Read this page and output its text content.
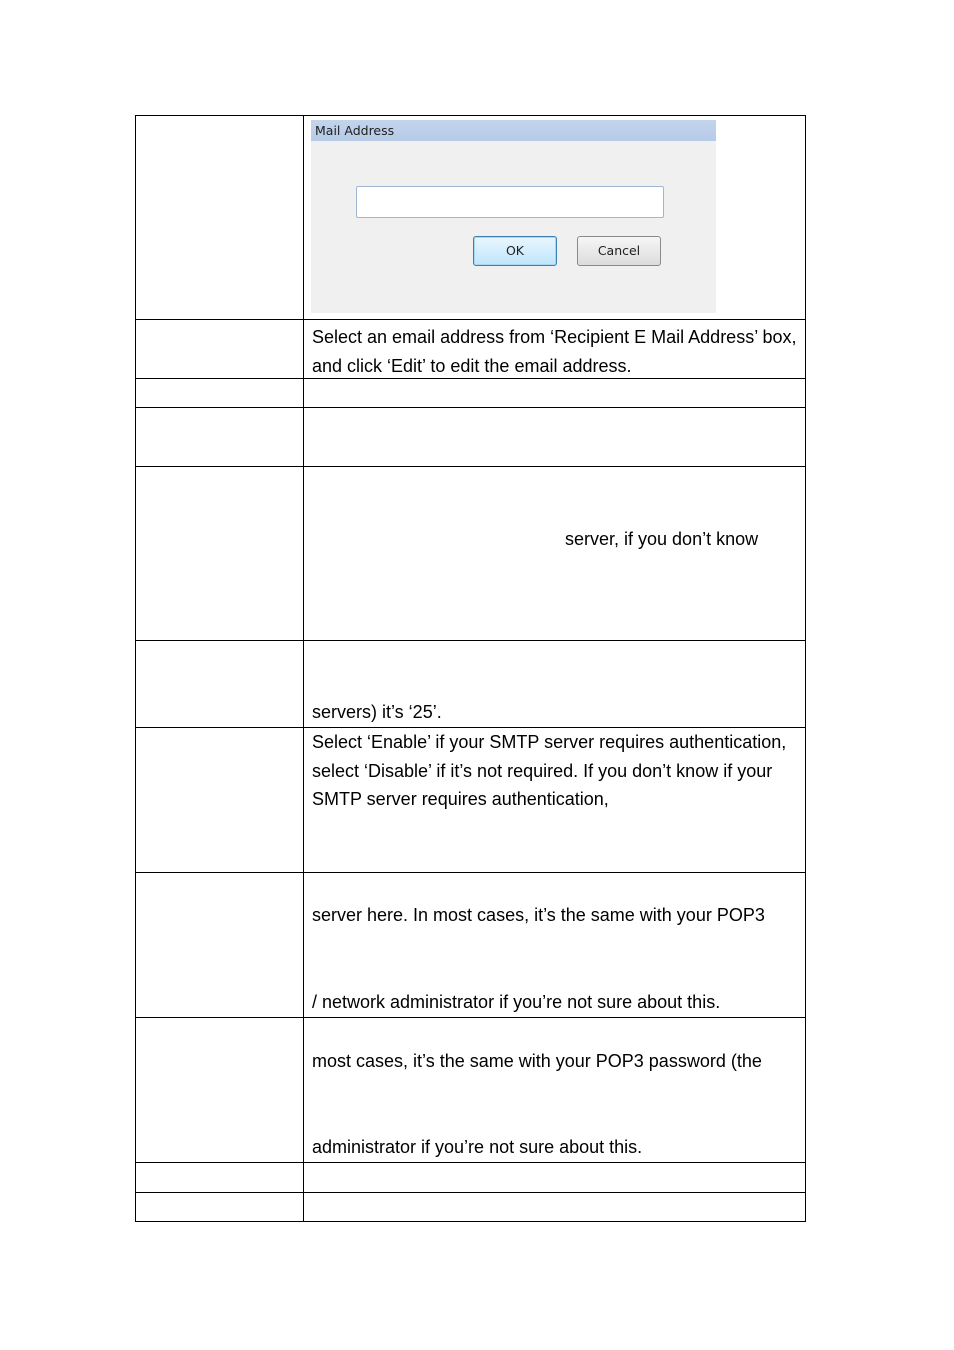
	Mail Address
OK Cancel

	Select an email address from ‘Recipient E Mail Address’ box, and click ‘Edit’ to edit the email address.

	server, if you don’t know

	servers) it’s ‘25’.

	Select ‘Enable’ if your SMTP server requires authentication, select ‘Disable’ if it’s not required. If you don’t know if your SMTP server requires authentication,

	server here. In most cases, it’s the same with your POP3
/ network administrator if you’re not sure about this.

	most cases, it’s the same with your POP3 password (the
administrator if you’re not sure about this.
